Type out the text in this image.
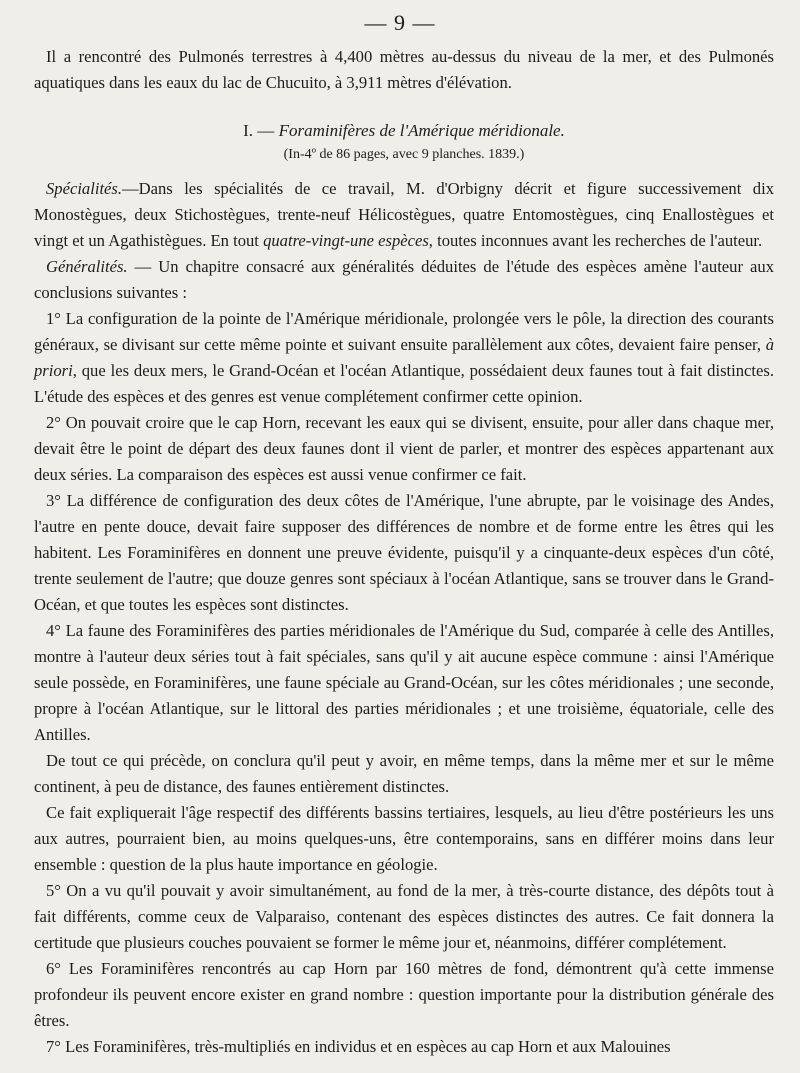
— 9 —

Il a rencontré des Pulmonés terrestres à 4,400 mètres au-dessus du niveau de la mer, et des Pulmonés aquatiques dans les eaux du lac de Chucuito, à 3,911 mètres d'élévation.

I. — Foraminifères de l'Amérique méridionale.

(In-4º de 86 pages, avec 9 planches. 1839.)

Spécialités.—Dans les spécialités de ce travail, M. d'Orbigny décrit et figure successivement dix Monostègues, deux Stichostègues, trente-neuf Hélicostègues, quatre Entomostègues, cinq Enallostègues et vingt et un Agathistègues. En tout quatre-vingt-une espèces, toutes inconnues avant les recherches de l'auteur.

Généralités. — Un chapitre consacré aux généralités déduites de l'étude des espèces amène l'auteur aux conclusions suivantes :

1° La configuration de la pointe de l'Amérique méridionale, prolongée vers le pôle, la direction des courants généraux, se divisant sur cette même pointe et suivant ensuite parallèlement aux côtes, devaient faire penser, à priori, que les deux mers, le Grand-Océan et l'océan Atlantique, possédaient deux faunes tout à fait distinctes. L'étude des espèces et des genres est venue complétement confirmer cette opinion.

2° On pouvait croire que le cap Horn, recevant les eaux qui se divisent, ensuite, pour aller dans chaque mer, devait être le point de départ des deux faunes dont il vient de parler, et montrer des espèces appartenant aux deux séries. La comparaison des espèces est aussi venue confirmer ce fait.

3° La différence de configuration des deux côtes de l'Amérique, l'une abrupte, par le voisinage des Andes, l'autre en pente douce, devait faire supposer des différences de nombre et de forme entre les êtres qui les habitent. Les Foraminifères en donnent une preuve évidente, puisqu'il y a cinquante-deux espèces d'un côté, trente seulement de l'autre; que douze genres sont spéciaux à l'océan Atlantique, sans se trouver dans le Grand-Océan, et que toutes les espèces sont distinctes.

4° La faune des Foraminifères des parties méridionales de l'Amérique du Sud, comparée à celle des Antilles, montre à l'auteur deux séries tout à fait spéciales, sans qu'il y ait aucune espèce commune : ainsi l'Amérique seule possède, en Foraminifères, une faune spéciale au Grand-Océan, sur les côtes méridionales ; une seconde, propre à l'océan Atlantique, sur le littoral des parties méridionales ; et une troisième, équatoriale, celle des Antilles.

De tout ce qui précède, on conclura qu'il peut y avoir, en même temps, dans la même mer et sur le même continent, à peu de distance, des faunes entièrement distinctes.

Ce fait expliquerait l'âge respectif des différents bassins tertiaires, lesquels, au lieu d'être postérieurs les uns aux autres, pourraient bien, au moins quelques-uns, être contemporains, sans en différer moins dans leur ensemble : question de la plus haute importance en géologie.

5° On a vu qu'il pouvait y avoir simultanément, au fond de la mer, à très-courte distance, des dépôts tout à fait différents, comme ceux de Valparaiso, contenant des espèces distinctes des autres. Ce fait donnera la certitude que plusieurs couches pouvaient se former le même jour et, néanmoins, différer complétement.

6° Les Foraminifères rencontrés au cap Horn par 160 mètres de fond, démontrent qu'à cette immense profondeur ils peuvent encore exister en grand nombre : question importante pour la distribution générale des êtres.

7° Les Foraminifères, très-multipliés en individus et en espèces au cap Horn et aux Malouines
